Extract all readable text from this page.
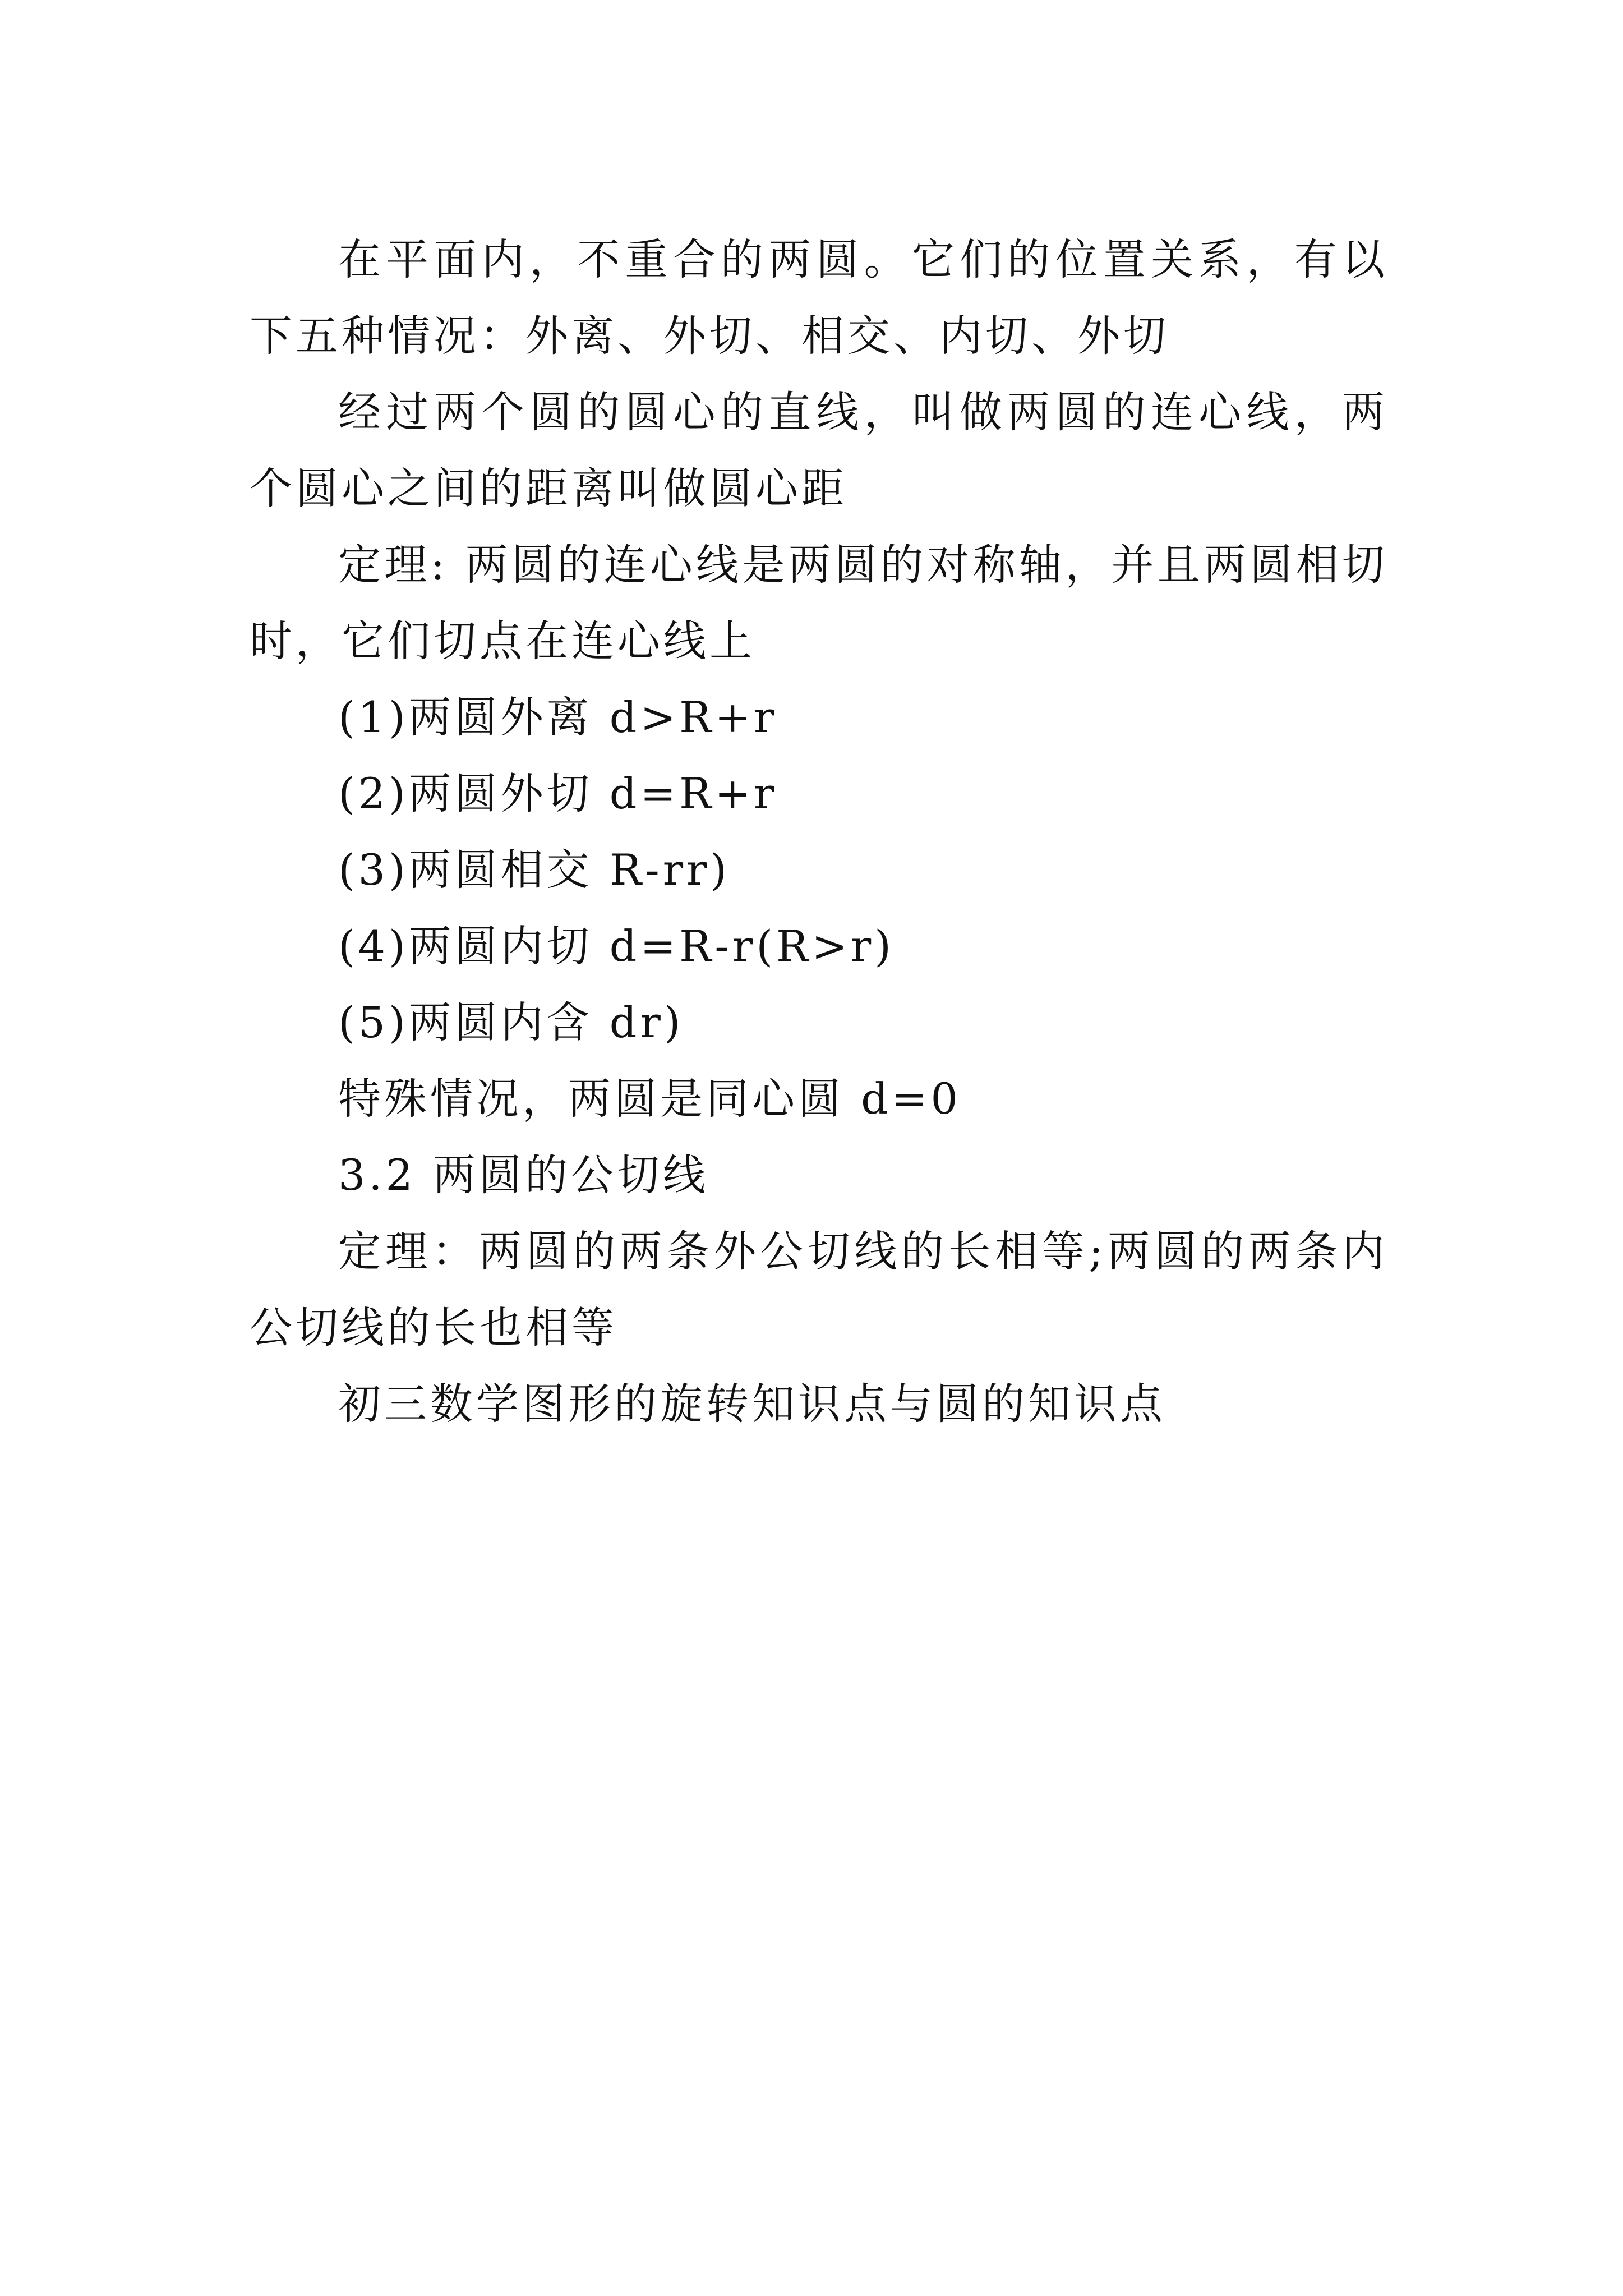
在平面内，不重合的两圆。它们的位置关系，有以下五种情况：外离、外切、相交、内切、外切

经过两个圆的圆心的直线，叫做两圆的连心线，两个圆心之间的距离叫做圆心距

定理: 两圆的连心线是两圆的对称轴，并且两圆相切时，它们切点在连心线上

(1)两圆外离 d>R+r

(2)两圆外切 d=R+r

(3)两圆相交 R-rr)

(4)两圆内切 d=R-r(R>r)

(5)两圆内含 dr)

特殊情况，两圆是同心圆 d=0

3.2 两圆的公切线

定理：两圆的两条外公切线的长相等;两圆的两条内公切线的长也相等

初三数学图形的旋转知识点与圆的知识点
